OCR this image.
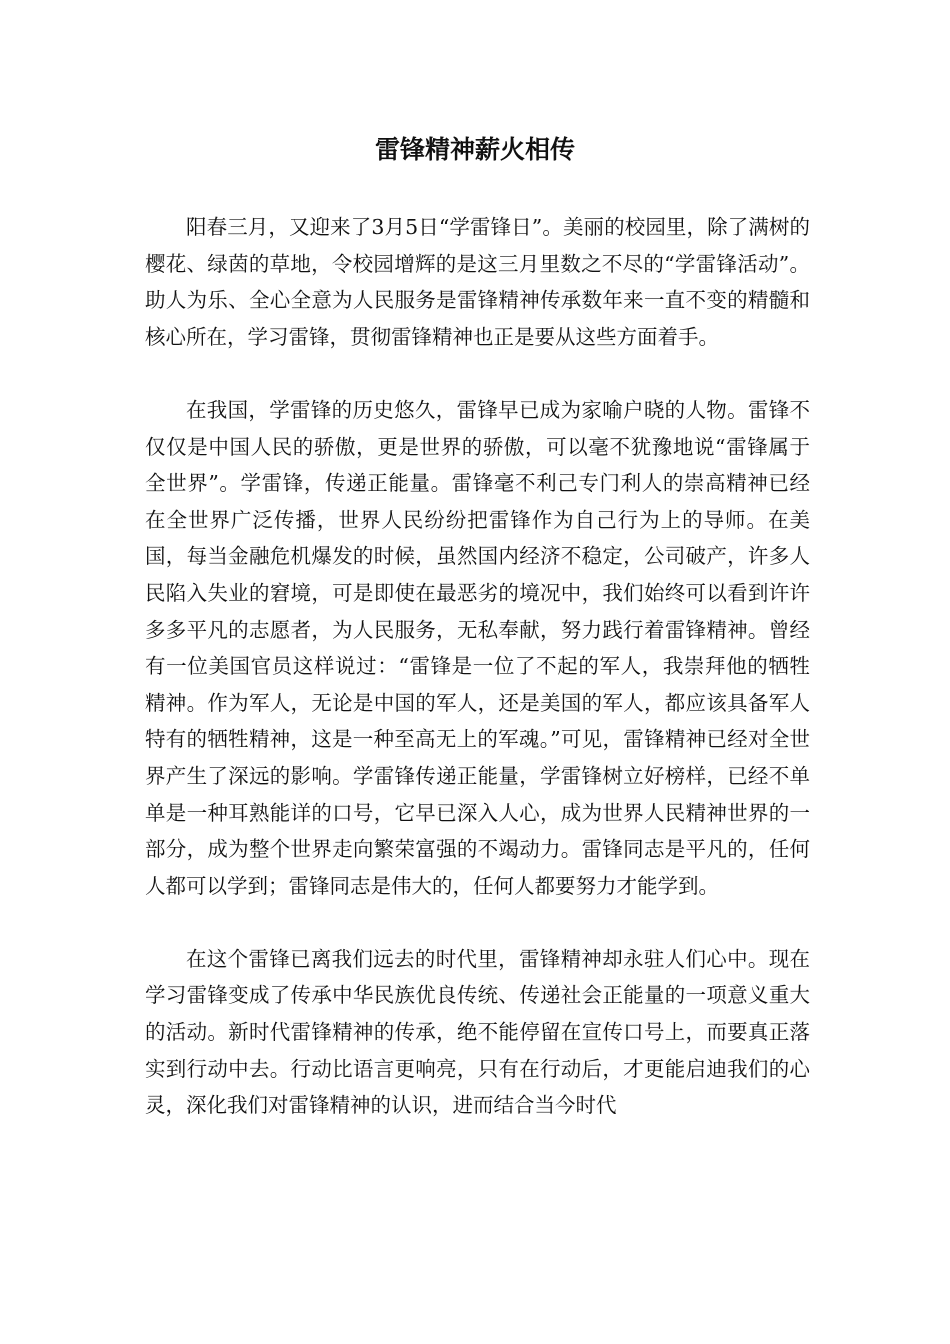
雷锋精神薪火相传

阳春三月，又迎来了3月5日“学雷锋日”。美丽的校园里，除了满树的樱花、绿茵的草地，令校园增辉的是这三月里数之不尽的“学雷锋活动”。助人为乐、全心全意为人民服务是雷锋精神传承数年来一直不变的精髓和核心所在，学习雷锋，贯彻雷锋精神也正是要从这些方面着手。

在我国，学雷锋的历史悠久，雷锋早已成为家喻户晓的人物。雷锋不仅仅是中国人民的骄傲，更是世界的骄傲，可以毫不犹豫地说“雷锋属于全世界”。学雷锋，传递正能量。雷锋毫不利己专门利人的崇高精神已经在全世界广泛传播，世界人民纷纷把雷锋作为自己行为上的导师。在美国，每当金融危机爆发的时候，虽然国内经济不稳定，公司破产，许多人民陷入失业的窘境，可是即使在最恶劣的境况中，我们始终可以看到许许多多平凡的志愿者，为人民服务，无私奉献，努力践行着雷锋精神。曾经有一位美国官员这样说过：“雷锋是一位了不起的军人，我崇拜他的牺牲精神。作为军人，无论是中国的军人，还是美国的军人，都应该具备军人特有的牺牲精神，这是一种至高无上的军魂。”可见，雷锋精神已经对全世界产生了深远的影响。学雷锋传递正能量，学雷锋树立好榜样，已经不单单是一种耳熟能详的口号，它早已深入人心，成为世界人民精神世界的一部分，成为整个世界走向繁荣富强的不竭动力。雷锋同志是平凡的，任何人都可以学到；雷锋同志是伟大的，任何人都要努力才能学到。

在这个雷锋已离我们远去的时代里，雷锋精神却永驻人们心中。现在学习雷锋变成了传承中华民族优良传统、传递社会正能量的一项意义重大的活动。新时代雷锋精神的传承，绝不能停留在宣传口号上，而要真正落实到行动中去。行动比语言更响亮，只有在行动后，才更能启迪我们的心灵，深化我们对雷锋精神的认识，进而结合当今时代
